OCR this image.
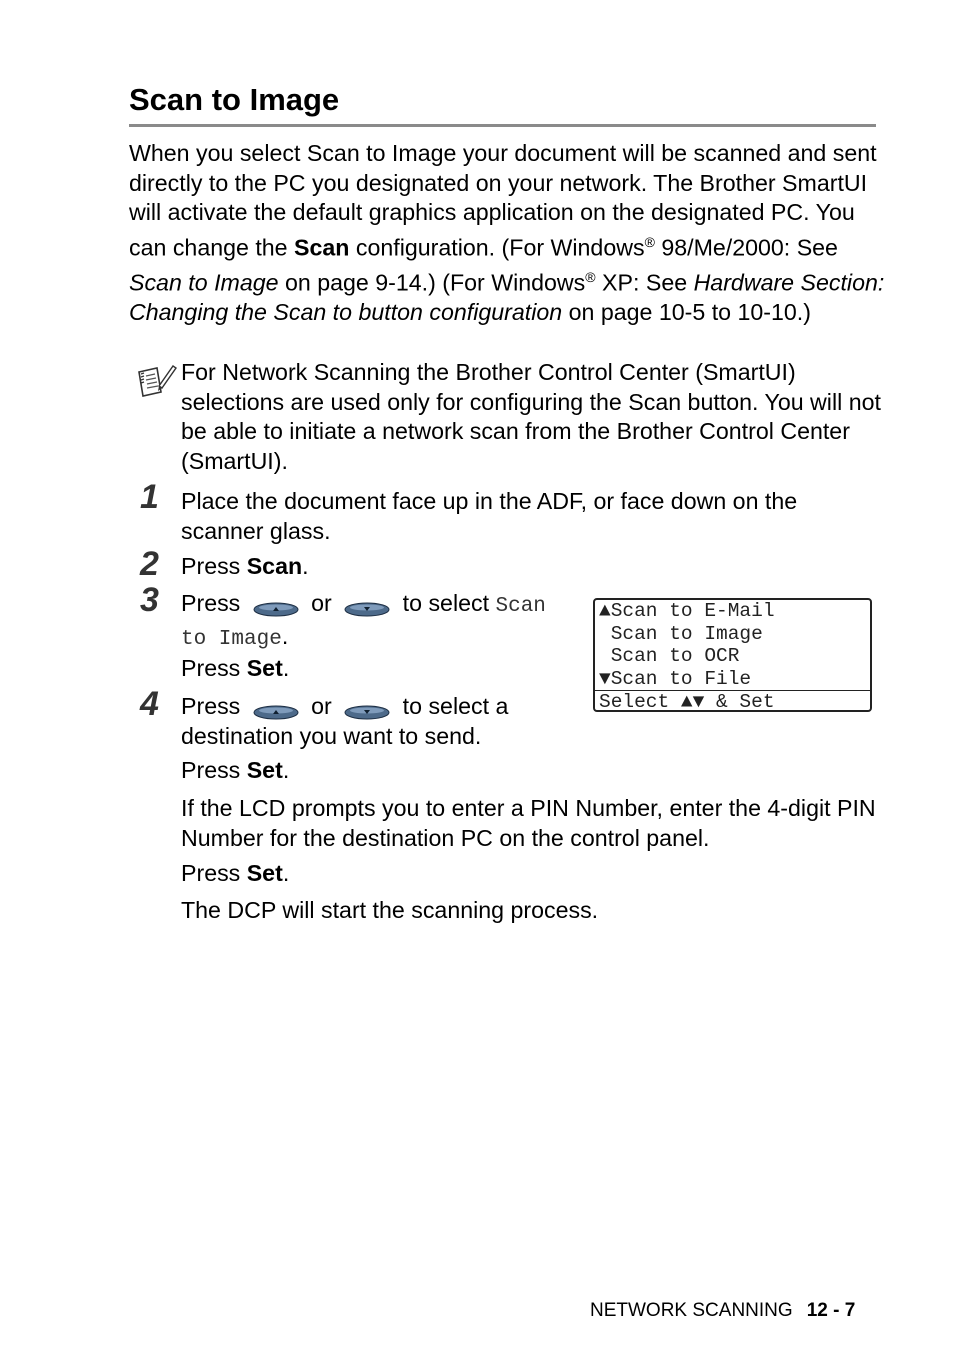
Scan to Image

When you select Scan to Image your document will be scanned and sent directly to the PC you designated on your network. The Brother SmartUI will activate the default graphics application on the designated PC. You can change the Scan configuration. (For Windows® 98/Me/2000: See Scan to Image on page 9-14.) (For Windows® XP: See Hardware Section: Changing the Scan to button configuration on page 10-5 to 10-10.)

For Network Scanning the Brother Control Center (SmartUI) selections are used only for configuring the Scan button. You will not be able to initiate a network scan from the Brother Control Center (SmartUI).

1 Place the document face up in the ADF, or face down on the scanner glass.

2 Press Scan.

3 Press	or	to select Scan to Image.

Press Set.

4 Press	or	to select a destination you want to send.

Press Set.

If the LCD prompts you to enter a PIN Number, enter the 4-digit PIN Number for the destination PC on the control panel.

Press Set.

The DCP will start the scanning process.

▲Scan to E-Mail
Scan to Image
Scan to OCR
▼Scan to File
Select ▲▼ & Set
NETWORK SCANNING 12 - 7
